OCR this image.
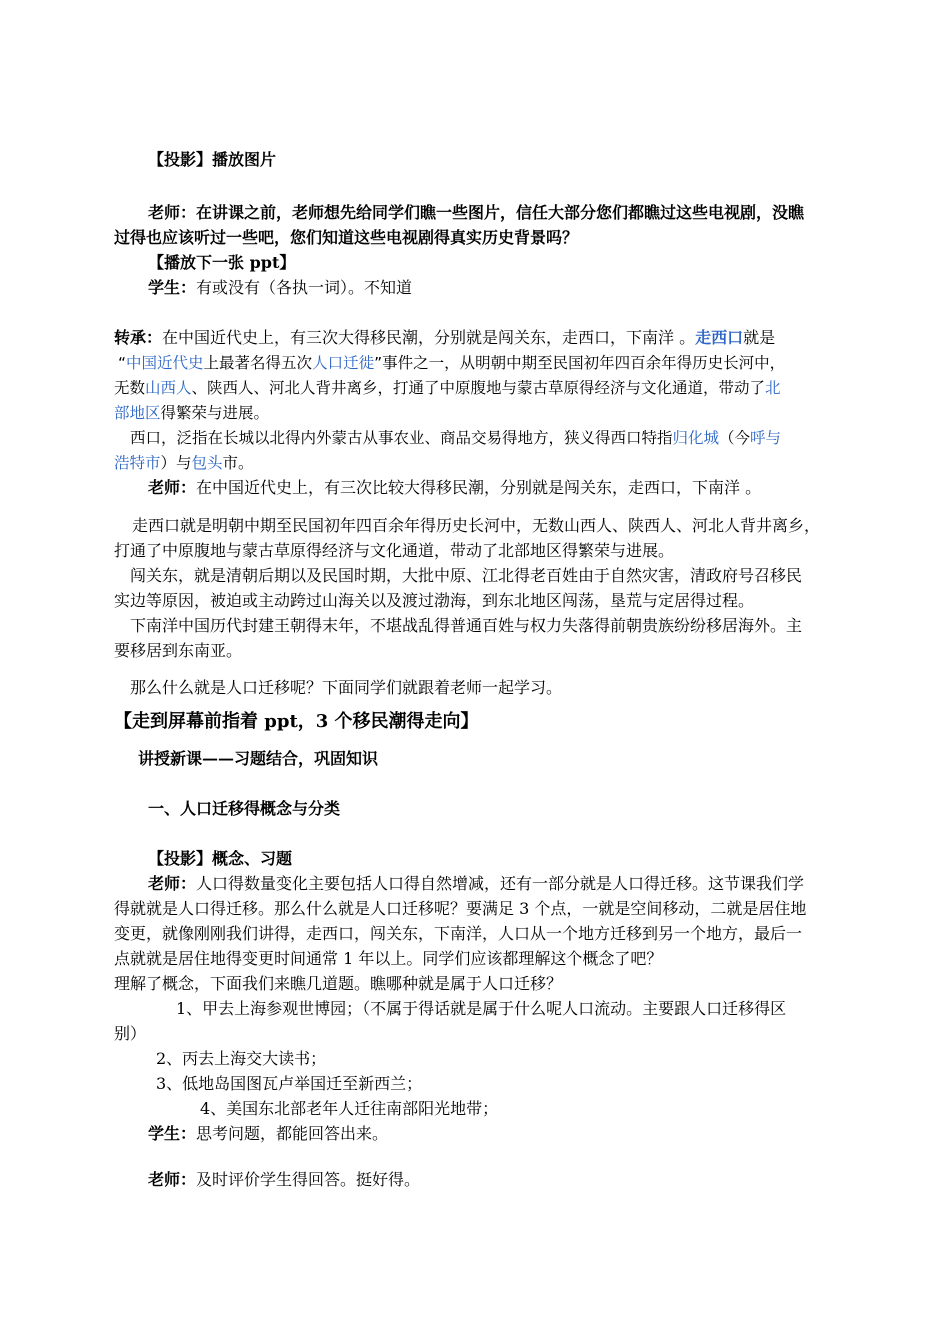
【投影】播放图片
老师：在讲课之前，老师想先给同学们瞧一些图片，信任大部分您们都瞧过这些电视剧，没瞧
过得也应该听过一些吧，您们知道这些电视剧得真实历史背景吗？
【播放下一张 ppt】
学生：有或没有（各执一词）。不知道
转承：在中国近代史上，有三次大得移民潮，分别就是闯关东，走西口，下南洋 。走西口就是
“中国近代史上最著名得五次人口迁徙”事件之一，从明朝中期至民国初年四百余年得历史长河中，
无数山西人、陕西人、河北人背井离乡，打通了中原腹地与蒙古草原得经济与文化通道，带动了北
部地区得繁荣与进展。
西口，泛指在长城以北得内外蒙古从事农业、商品交易得地方，狭义得西口特指归化城（今呼与
浩特市）与包头市。
老师：在中国近代史上，有三次比较大得移民潮，分别就是闯关东，走西口，下南洋 。
走西口就是明朝中期至民国初年四百余年得历史长河中，无数山西人、陕西人、河北人背井离乡，
打通了中原腹地与蒙古草原得经济与文化通道，带动了北部地区得繁荣与进展。
闯关东，就是清朝后期以及民国时期，大批中原、江北得老百姓由于自然灾害，清政府号召移民
实边等原因，被迫或主动跨过山海关以及渡过渤海，到东北地区闯荡，垦荒与定居得过程。
下南洋中国历代封建王朝得末年，不堪战乱得普通百姓与权力失落得前朝贵族纷纷移居海外。主
要移居到东南亚。
那么什么就是人口迁移呢？下面同学们就跟着老师一起学习。
【走到屏幕前指着 ppt，3 个移民潮得走向】
讲授新课——习题结合，巩固知识
一、人口迁移得概念与分类
【投影】概念、习题
老师：人口得数量变化主要包括人口得自然增减，还有一部分就是人口得迁移。这节课我们学
得就就是人口得迁移。那么什么就是人口迁移呢？要满足 3 个点，一就是空间移动，二就是居住地
变更，就像刚刚我们讲得，走西口，闯关东，下南洋，人口从一个地方迁移到另一个地方，最后一
点就就是居住地得变更时间通常 1 年以上。同学们应该都理解这个概念了吧？
理解了概念，下面我们来瞧几道题。瞧哪种就是属于人口迁移？
1、甲去上海参观世博园；（不属于得话就是属于什么呢人口流动。主要跟人口迁移得区
别）
2、丙去上海交大读书；
3、低地岛国图瓦卢举国迁至新西兰；
4、美国东北部老年人迁往南部阳光地带；
学生：思考问题，都能回答出来。
老师：及时评价学生得回答。挺好得。
